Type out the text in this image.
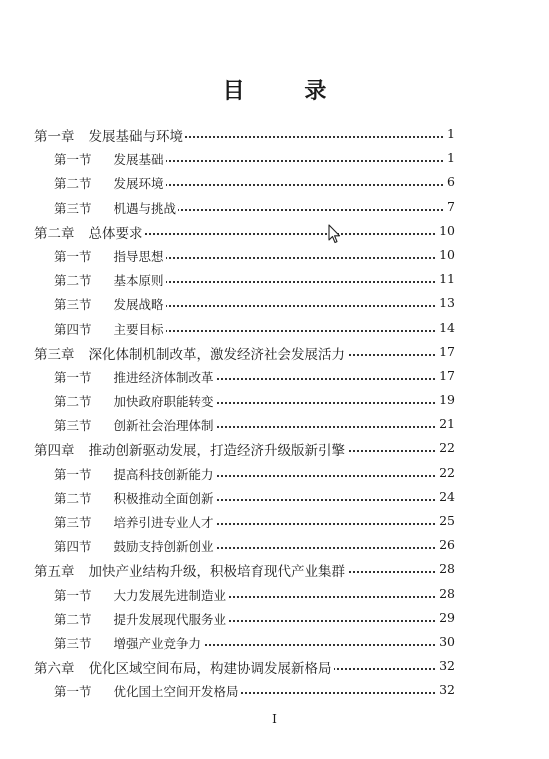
目 录
第一章 发展基础与环境	1
第一节 发展基础	1
第二节 发展环境	6
第三节 机遇与挑战	7
第二章 总体要求	10
第一节 指导思想	10
第二节 基本原则	11
第三节 发展战略	13
第四节 主要目标	14
第三章 深化体制机制改革，激发经济社会发展活力	17
第一节 推进经济体制改革	17
第二节 加快政府职能转变	19
第三节 创新社会治理体制	21
第四章 推动创新驱动发展，打造经济升级版新引擎	22
第一节 提高科技创新能力	22
第二节 积极推动全面创新	24
第三节 培养引进专业人才	25
第四节 鼓励支持创新创业	26
第五章 加快产业结构升级，积极培育现代产业集群	28
第一节 大力发展先进制造业	28
第二节 提升发展现代服务业	29
第三节 增强产业竞争力	30
第六章 优化区域空间布局，构建协调发展新格局	32
第一节 优化国土空间开发格局	32
I
